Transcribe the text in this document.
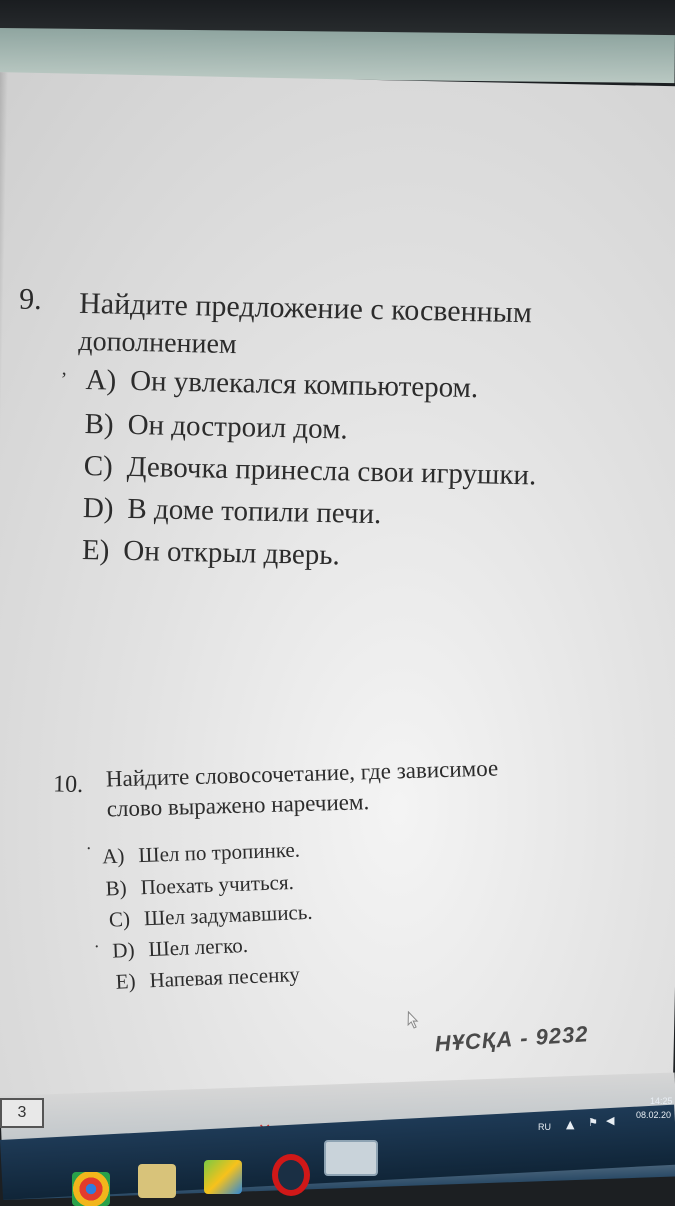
9. Найдите предложение с косвенным
дополнением
, A) Он увлекался компьютером.
B) Он достроил дом.
C) Девочка принесла свои игрушки.
D) В доме топили печи.
E) Он открыл дверь.
10. Найдите словосочетание, где зависимое
слово выражено наречием.
· A) Шел по тропинке.
B) Поехать учиться.
C) Шел задумавшись.
· D) Шел легко.
E) Напевая песенку
НҰСҚА - 9232
3
RU ▲ ⚑ ◀
14:25
08.02.20
